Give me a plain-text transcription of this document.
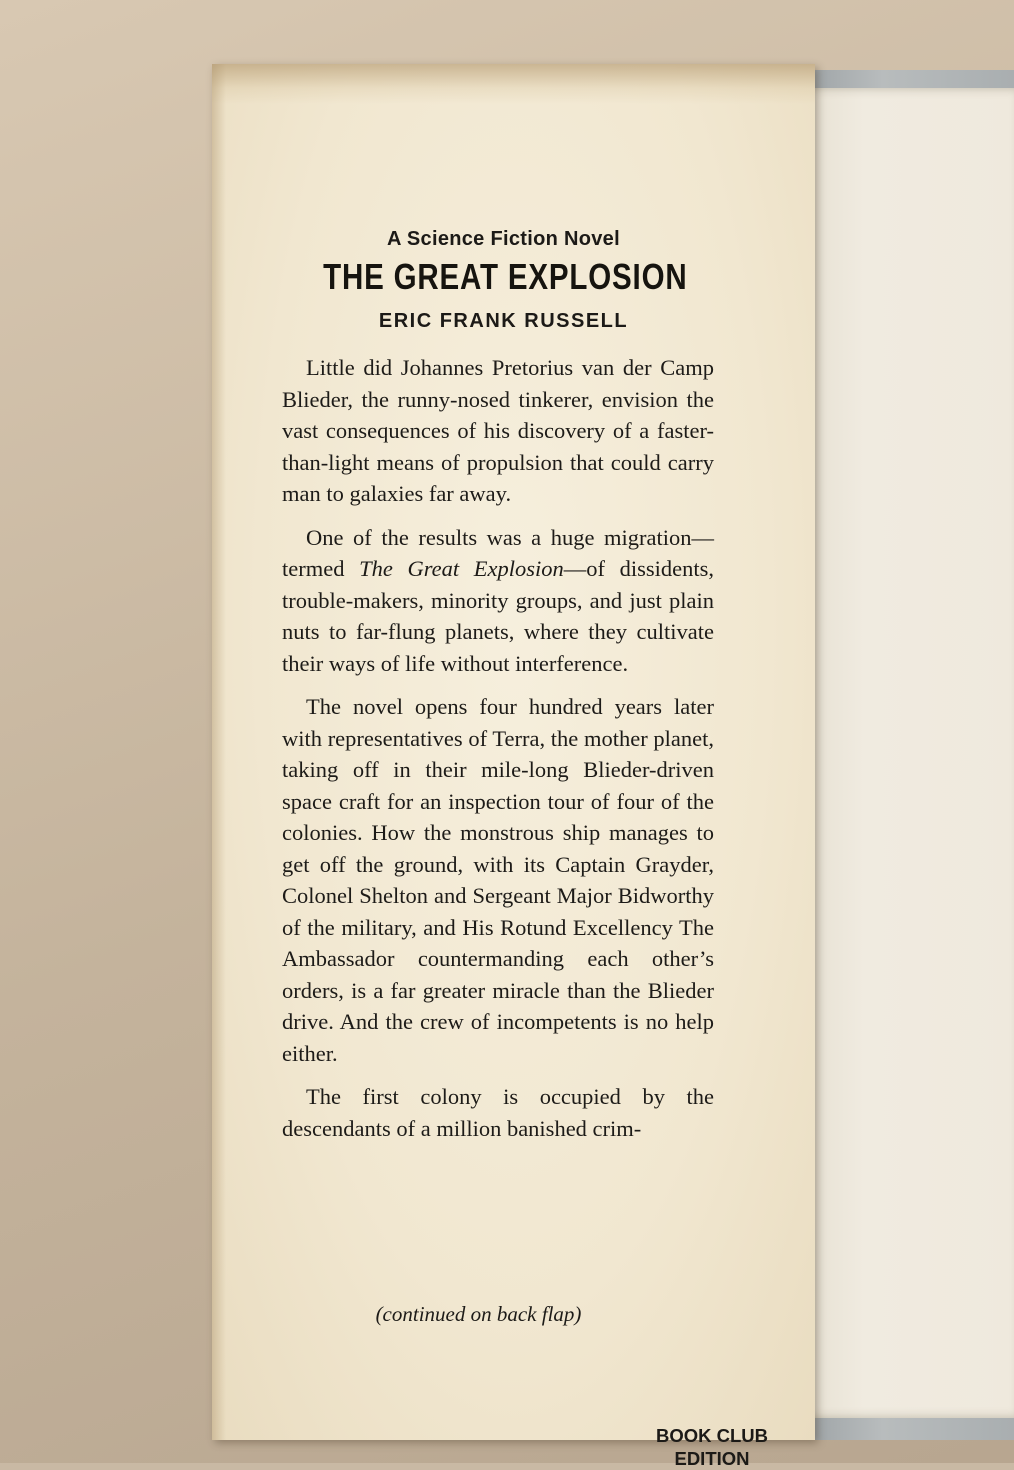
A Science Fiction Novel
THE GREAT EXPLOSION
ERIC FRANK RUSSELL

Little did Johannes Pretorius van der Camp Blieder, the runny-nosed tinkerer, envision the vast consequences of his discovery of a faster-than-light means of propulsion that could carry man to galaxies far away.

One of the results was a huge migration—termed The Great Explosion—of dissidents, trouble-makers, minority groups, and just plain nuts to far-flung planets, where they cultivate their ways of life without interference.

The novel opens four hundred years later with representatives of Terra, the mother planet, taking off in their mile-long Blieder-driven space craft for an inspection tour of four of the colonies. How the monstrous ship manages to get off the ground, with its Captain Grayder, Colonel Shelton and Sergeant Major Bidworthy of the military, and His Rotund Excellency The Ambassador countermanding each other’s orders, is a far greater miracle than the Blieder drive. And the crew of incompetents is no help either.

The first colony is occupied by the descendants of a million banished crim-

(continued on back flap)
BOOK CLUB
EDITION
